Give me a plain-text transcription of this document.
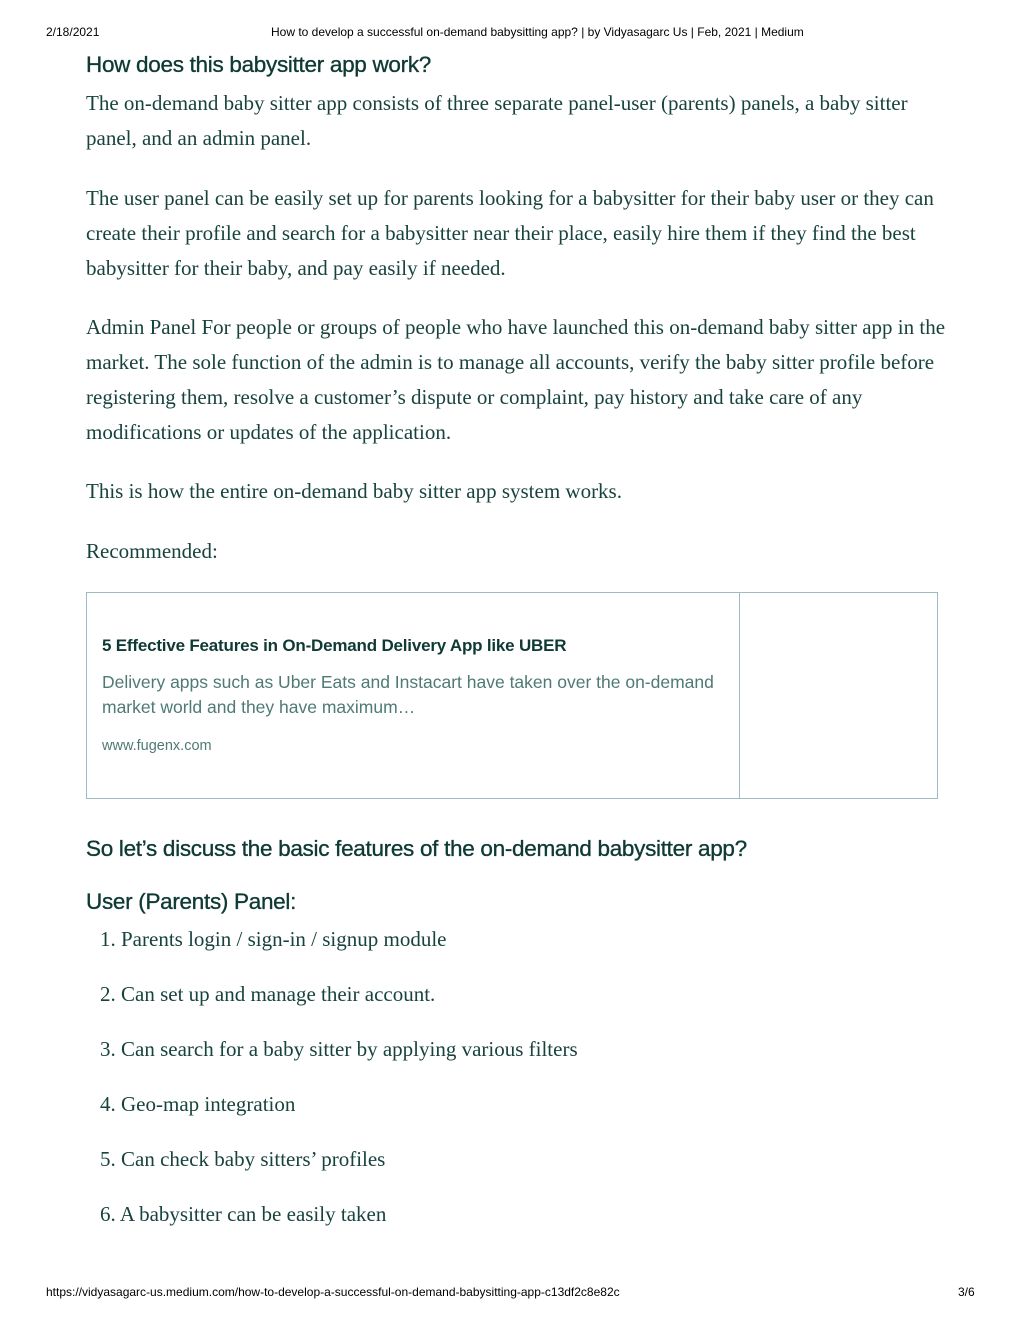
2/18/2021	How to develop a successful on-demand babysitting app? | by Vidyasagarc Us | Feb, 2021 | Medium
How does this babysitter app work?

The on-demand baby sitter app consists of three separate panel-user (parents) panels, a baby sitter panel, and an admin panel.

The user panel can be easily set up for parents looking for a babysitter for their baby user or they can create their profile and search for a babysitter near their place, easily hire them if they find the best babysitter for their baby, and pay easily if needed.

Admin Panel For people or groups of people who have launched this on-demand baby sitter app in the market. The sole function of the admin is to manage all accounts, verify the baby sitter profile before registering them, resolve a customer’s dispute or complaint, pay history and take care of any modifications or updates of the application.

This is how the entire on-demand baby sitter app system works.

Recommended:

5 Effective Features in On-Demand Delivery App like UBER
Delivery apps such as Uber Eats and Instacart have taken over the on-demand market world and they have maximum…
www.fugenx.com
So let’s discuss the basic features of the on-demand babysitter app?
User (Parents) Panel:
1. Parents login / sign-in / signup module
2. Can set up and manage their account.
3. Can search for a baby sitter by applying various filters
4. Geo-map integration
5. Can check baby sitters’ profiles
6. A babysitter can be easily taken
https://vidyasagarc-us.medium.com/how-to-develop-a-successful-on-demand-babysitting-app-c13df2c8e82c	3/6
